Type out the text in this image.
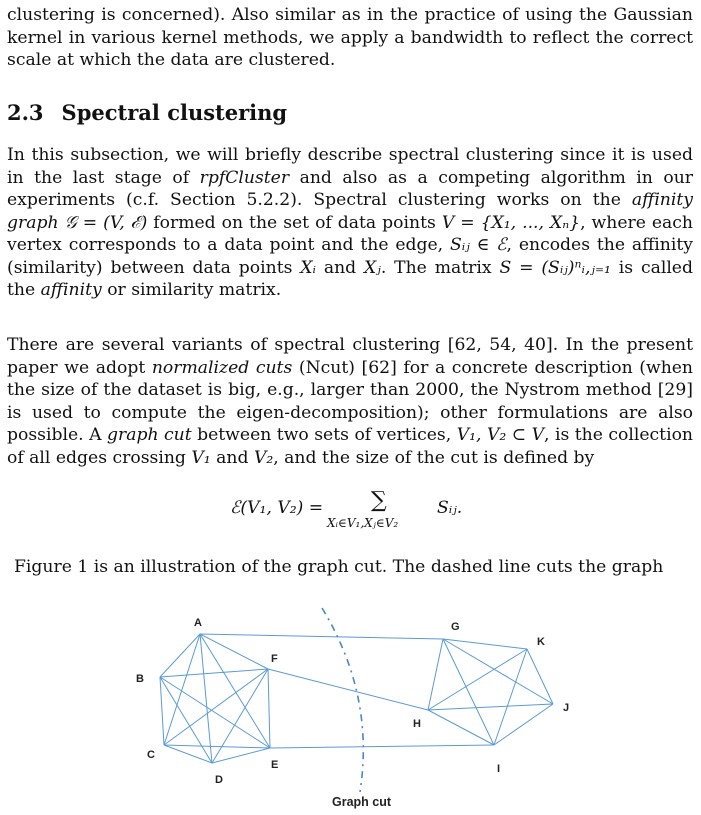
clustering is concerned). Also similar as in the practice of using the Gaussian kernel in various kernel methods, we apply a bandwidth to reflect the correct scale at which the data are clustered.

2.3 Spectral clustering

In this subsection, we will briefly describe spectral clustering since it is used in the last stage of rpfCluster and also as a competing algorithm in our experiments (c.f. Section 5.2.2). Spectral clustering works on the affinity graph 𝒢 = (V, ℰ) formed on the set of data points V = {X₁, ..., Xₙ}, where each vertex corresponds to a data point and the edge, Sᵢⱼ ∈ ℰ, encodes the affinity (similarity) between data points Xᵢ and Xⱼ. The matrix S = (Sᵢⱼ)ⁿᵢ,ⱼ₌₁ is called the affinity or similarity matrix.

There are several variants of spectral clustering [62, 54, 40]. In the present paper we adopt normalized cuts (Ncut) [62] for a concrete description (when the size of the dataset is big, e.g., larger than 2000, the Nystrom method [29] is used to compute the eigen-decomposition); other formulations are also possible. A graph cut between two sets of vertices, V₁, V₂ ⊂ V, is the collection of all edges crossing V₁ and V₂, and the size of the cut is defined by

ℰ(V₁, V₂) = ∑
Xᵢ∈V₁,Xⱼ∈V₂
Sᵢⱼ.
Figure 1 is an illustration of the graph cut. The dashed line cuts the graph
A
B
C
D
E
F
G
H
I
J
K
Graph cut
